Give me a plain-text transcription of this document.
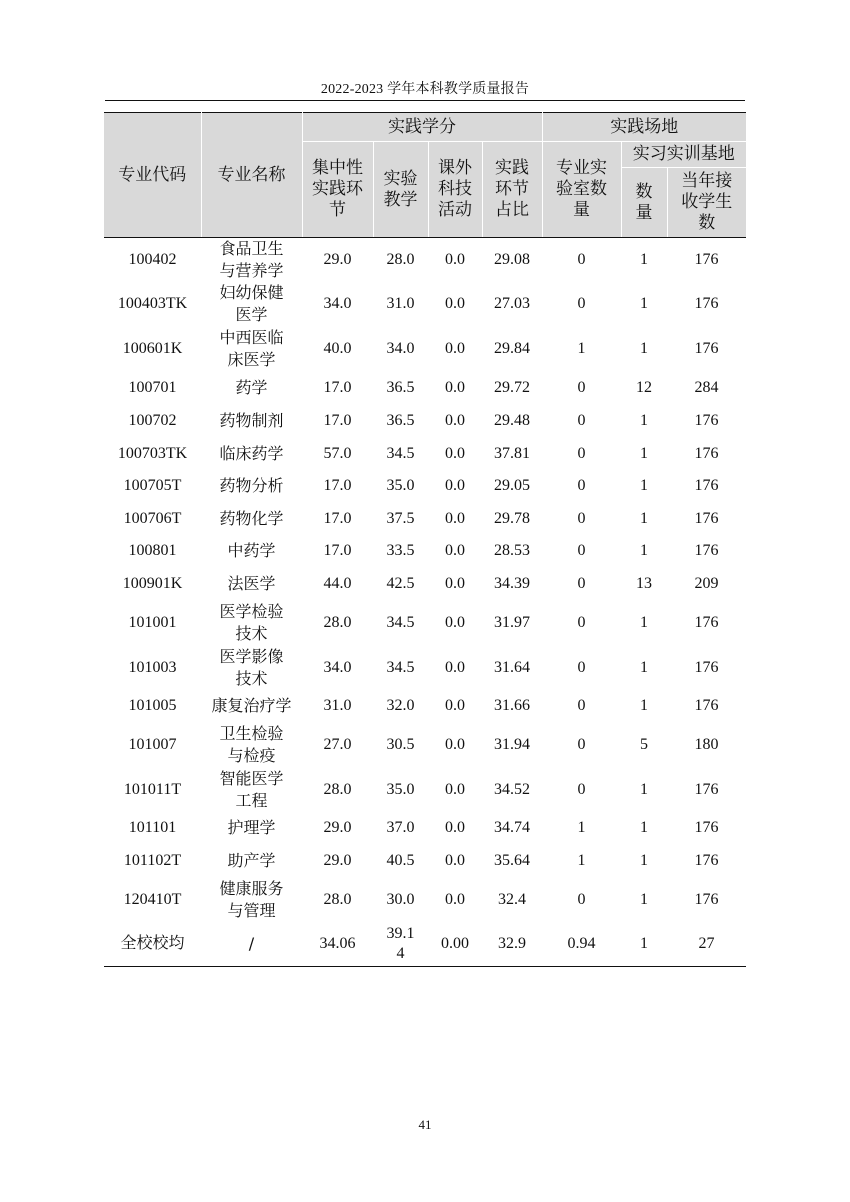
2022-2023 学年本科教学质量报告
专业代码	专业名称	实践学分				实践场地		
		集中性实践环节	实验教学	课外科技活动	实践环节占比	专业实验室数量	实习实训基地	
							数量	当年接收学生数
100402	食品卫生与营养学	29.0	28.0	0.0	29.08	0	1	176
100403TK	妇幼保健医学	34.0	31.0	0.0	27.03	0	1	176
100601K	中西医临床医学	40.0	34.0	0.0	29.84	1	1	176
100701	药学	17.0	36.5	0.0	29.72	0	12	284
100702	药物制剂	17.0	36.5	0.0	29.48	0	1	176
100703TK	临床药学	57.0	34.5	0.0	37.81	0	1	176
100705T	药物分析	17.0	35.0	0.0	29.05	0	1	176
100706T	药物化学	17.0	37.5	0.0	29.78	0	1	176
100801	中药学	17.0	33.5	0.0	28.53	0	1	176
100901K	法医学	44.0	42.5	0.0	34.39	0	13	209
101001	医学检验技术	28.0	34.5	0.0	31.97	0	1	176
101003	医学影像技术	34.0	34.5	0.0	31.64	0	1	176
101005	康复治疗学	31.0	32.0	0.0	31.66	0	1	176
101007	卫生检验与检疫	27.0	30.5	0.0	31.94	0	5	180
101011T	智能医学工程	28.0	35.0	0.0	34.52	0	1	176
101101	护理学	29.0	37.0	0.0	34.74	1	1	176
101102T	助产学	29.0	40.5	0.0	35.64	1	1	176
120410T	健康服务与管理	28.0	30.0	0.0	32.4	0	1	176
全校校均	/	34.06	39.14	0.00	32.9	0.94	1	27
41
